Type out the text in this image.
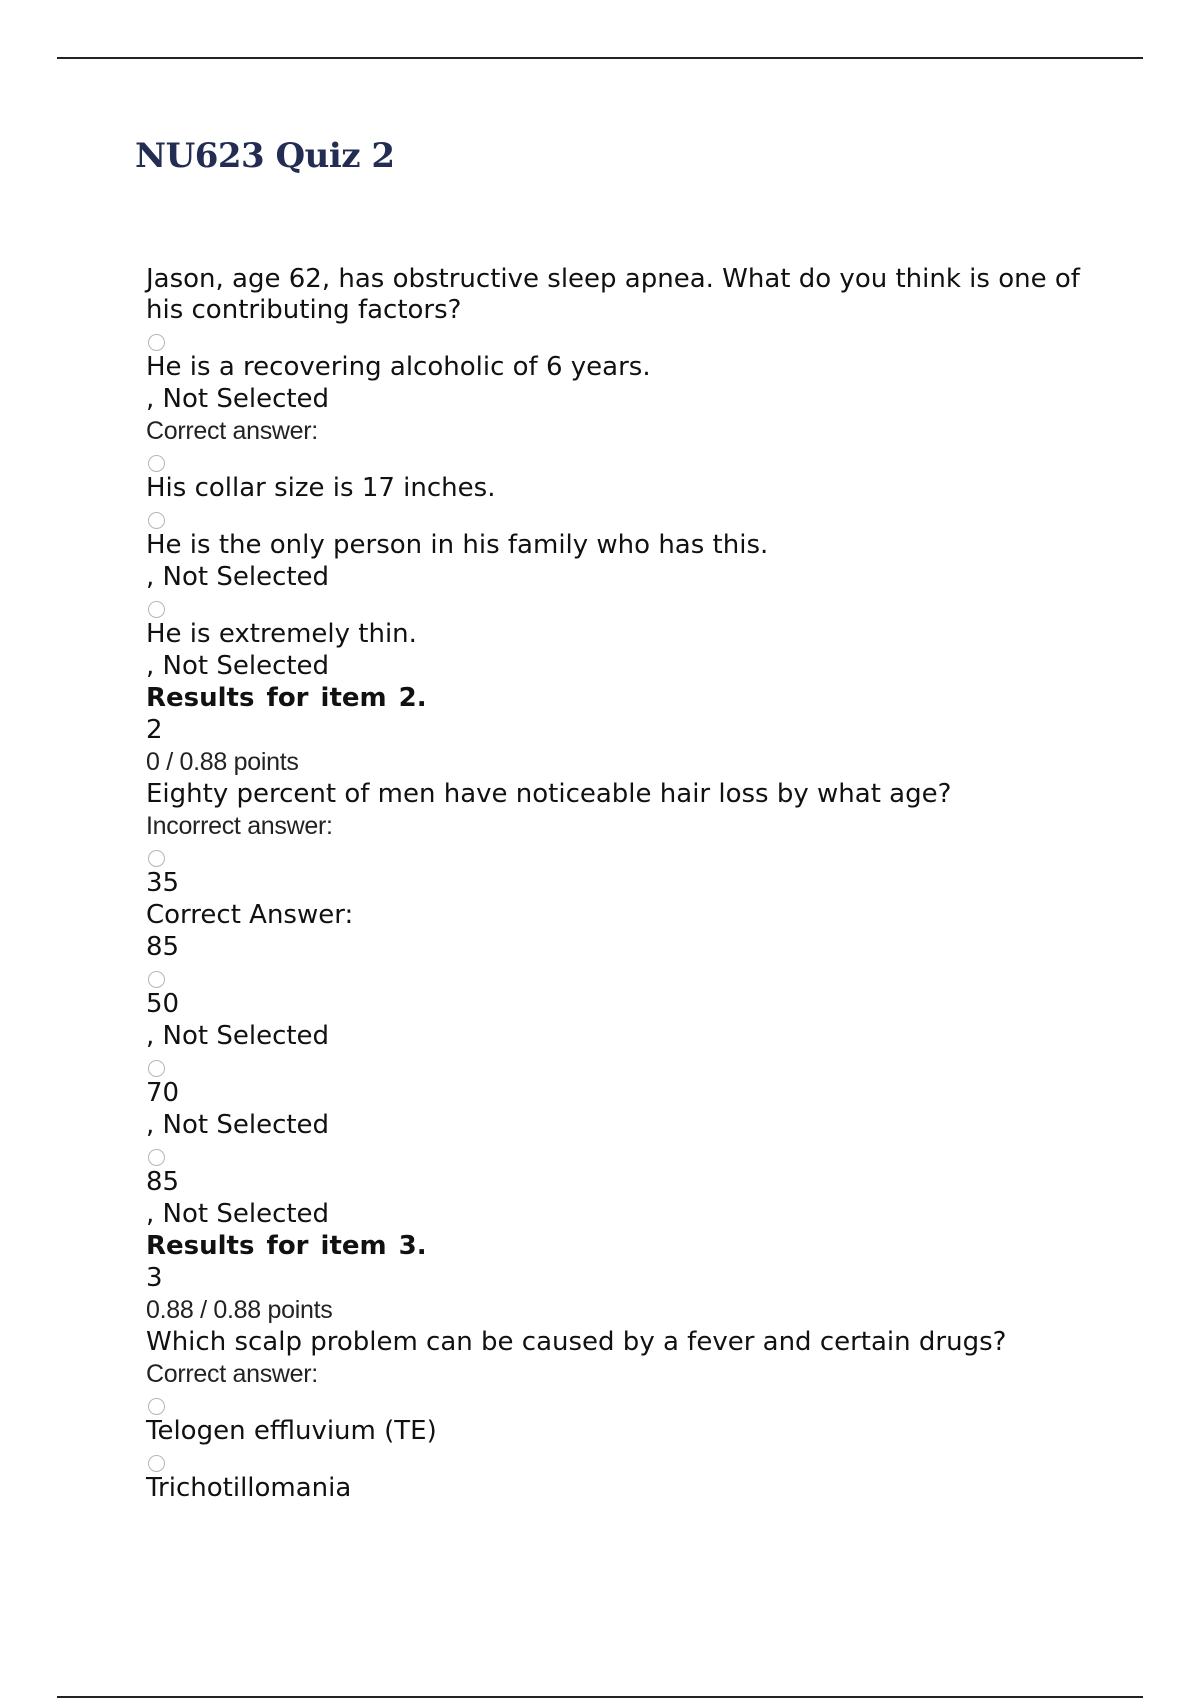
NU623 Quiz 2

Jason, age 62, has obstructive sleep apnea. What do you think is one of his contributing factors?

He is a recovering alcoholic of 6 years.

, Not Selected

Correct answer:

His collar size is 17 inches.

He is the only person in his family who has this.

, Not Selected

He is extremely thin.

, Not Selected

Results for item 2.

2

0 / 0.88 points

Eighty percent of men have noticeable hair loss by what age?

Incorrect answer:

35

Correct Answer:

85

50

, Not Selected

70

, Not Selected

85

, Not Selected

Results for item 3.

3

0.88 / 0.88 points

Which scalp problem can be caused by a fever and certain drugs?

Correct answer:

Telogen effluvium (TE)

Trichotillomania
